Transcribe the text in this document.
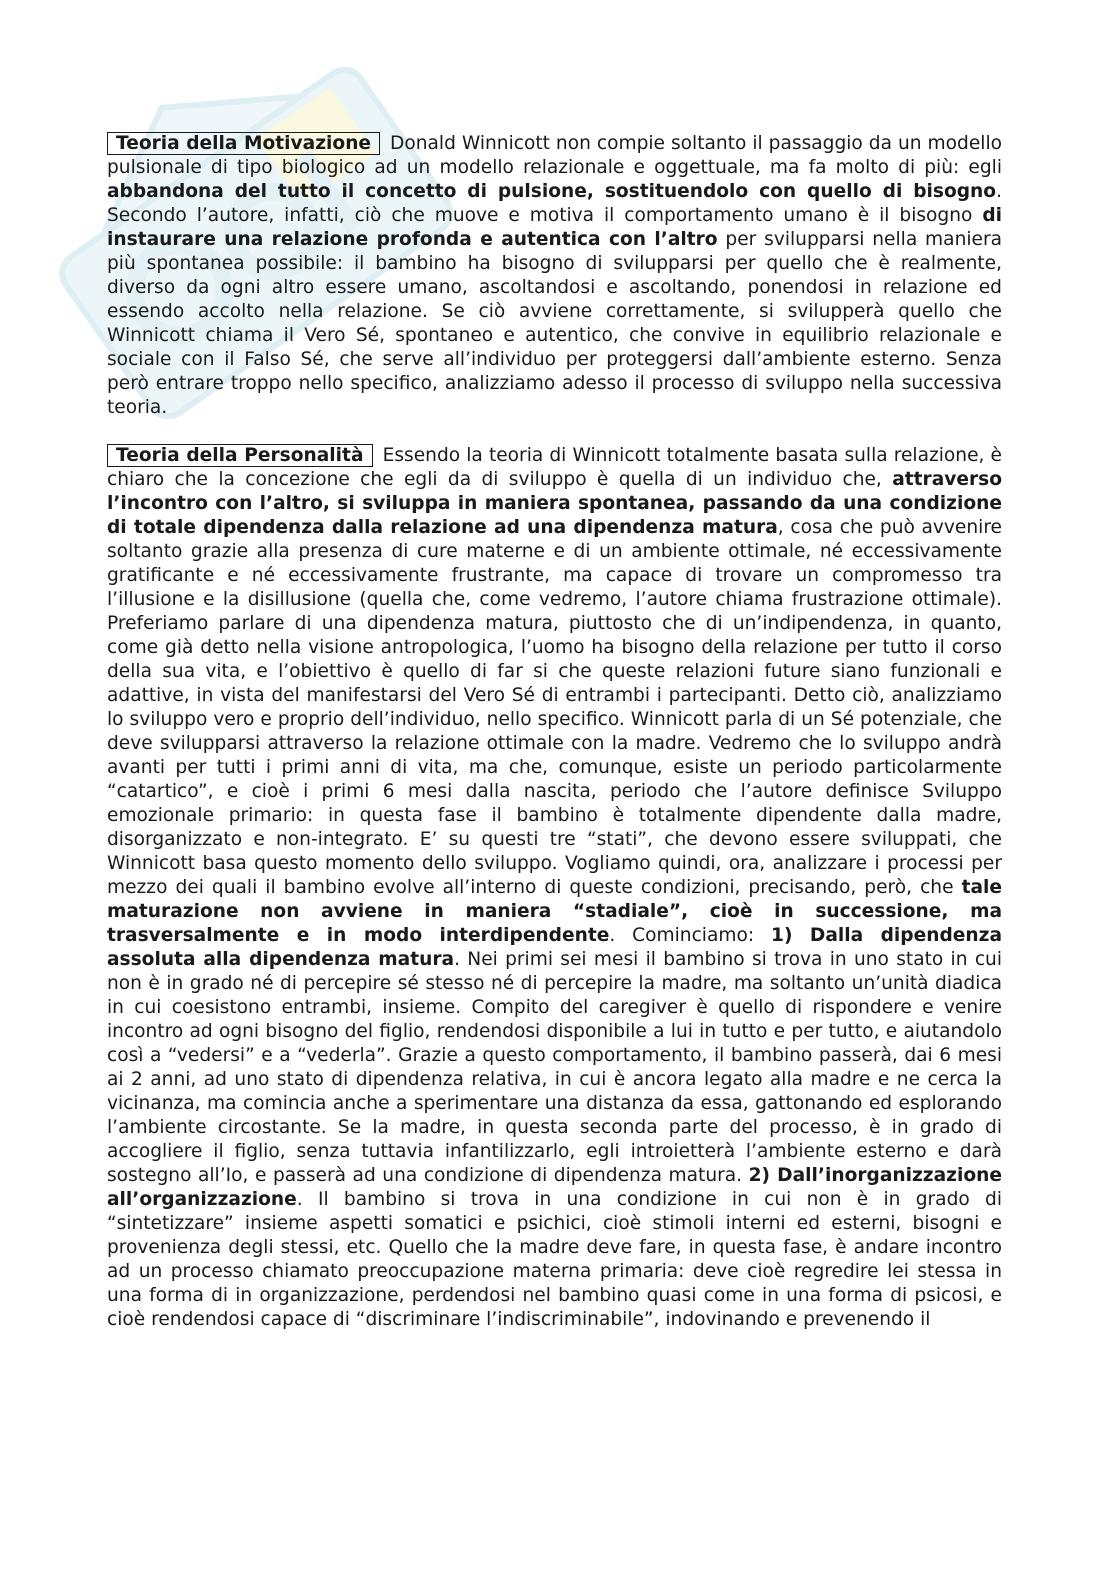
Teoria della Motivazione Donald Winnicott non compie soltanto il passaggio da un modello pulsionale di tipo biologico ad un modello relazionale e oggettuale, ma fa molto di più: egli abbandona del tutto il concetto di pulsione, sostituendolo con quello di bisogno. Secondo l’autore, infatti, ciò che muove e motiva il comportamento umano è il bisogno di instaurare una relazione profonda e autentica con l’altro per svilupparsi nella maniera più spontanea possibile: il bambino ha bisogno di svilupparsi per quello che è realmente, diverso da ogni altro essere umano, ascoltandosi e ascoltando, ponendosi in relazione ed essendo accolto nella relazione. Se ciò avviene correttamente, si svilupperà quello che Winnicott chiama il Vero Sé, spontaneo e autentico, che convive in equilibrio relazionale e sociale con il Falso Sé, che serve all’individuo per proteggersi dall’ambiente esterno. Senza però entrare troppo nello specifico, analizziamo adesso il processo di sviluppo nella successiva teoria.

Teoria della Personalità Essendo la teoria di Winnicott totalmente basata sulla relazione, è chiaro che la concezione che egli da di sviluppo è quella di un individuo che, attraverso l’incontro con l’altro, si sviluppa in maniera spontanea, passando da una condizione di totale dipendenza dalla relazione ad una dipendenza matura, cosa che può avvenire soltanto grazie alla presenza di cure materne e di un ambiente ottimale, né eccessivamente gratificante e né eccessivamente frustrante, ma capace di trovare un compromesso tra l’illusione e la disillusione (quella che, come vedremo, l’autore chiama frustrazione ottimale). Preferiamo parlare di una dipendenza matura, piuttosto che di un’indipendenza, in quanto, come già detto nella visione antropologica, l’uomo ha bisogno della relazione per tutto il corso della sua vita, e l’obiettivo è quello di far si che queste relazioni future siano funzionali e adattive, in vista del manifestarsi del Vero Sé di entrambi i partecipanti. Detto ciò, analizziamo lo sviluppo vero e proprio dell’individuo, nello specifico. Winnicott parla di un Sé potenziale, che deve svilupparsi attraverso la relazione ottimale con la madre. Vedremo che lo sviluppo andrà avanti per tutti i primi anni di vita, ma che, comunque, esiste un periodo particolarmente “catartico”, e cioè i primi 6 mesi dalla nascita, periodo che l’autore definisce Sviluppo emozionale primario: in questa fase il bambino è totalmente dipendente dalla madre, disorganizzato e non-integrato. E’ su questi tre “stati”, che devono essere sviluppati, che Winnicott basa questo momento dello sviluppo. Vogliamo quindi, ora, analizzare i processi per mezzo dei quali il bambino evolve all’interno di queste condizioni, precisando, però, che tale maturazione non avviene in maniera “stadiale”, cioè in successione, ma trasversalmente e in modo interdipendente. Cominciamo: 1) Dalla dipendenza assoluta alla dipendenza matura. Nei primi sei mesi il bambino si trova in uno stato in cui non è in grado né di percepire sé stesso né di percepire la madre, ma soltanto un’unità diadica in cui coesistono entrambi, insieme. Compito del caregiver è quello di rispondere e venire incontro ad ogni bisogno del figlio, rendendosi disponibile a lui in tutto e per tutto, e aiutandolo così a “vedersi” e a “vederla”. Grazie a questo comportamento, il bambino passerà, dai 6 mesi ai 2 anni, ad uno stato di dipendenza relativa, in cui è ancora legato alla madre e ne cerca la vicinanza, ma comincia anche a sperimentare una distanza da essa, gattonando ed esplorando l’ambiente circostante. Se la madre, in questa seconda parte del processo, è in grado di accogliere il figlio, senza tuttavia infantilizzarlo, egli introietterà l’ambiente esterno e darà sostegno all’Io, e passerà ad una condizione di dipendenza matura. 2) Dall’inorganizzazione all’organizzazione. Il bambino si trova in una condizione in cui non è in grado di “sintetizzare” insieme aspetti somatici e psichici, cioè stimoli interni ed esterni, bisogni e provenienza degli stessi, etc. Quello che la madre deve fare, in questa fase, è andare incontro ad un processo chiamato preoccupazione materna primaria: deve cioè regredire lei stessa in una forma di in organizzazione, perdendosi nel bambino quasi come in una forma di psicosi, e cioè rendendosi capace di “discriminare l’indiscriminabile”, indovinando e prevenendo il
